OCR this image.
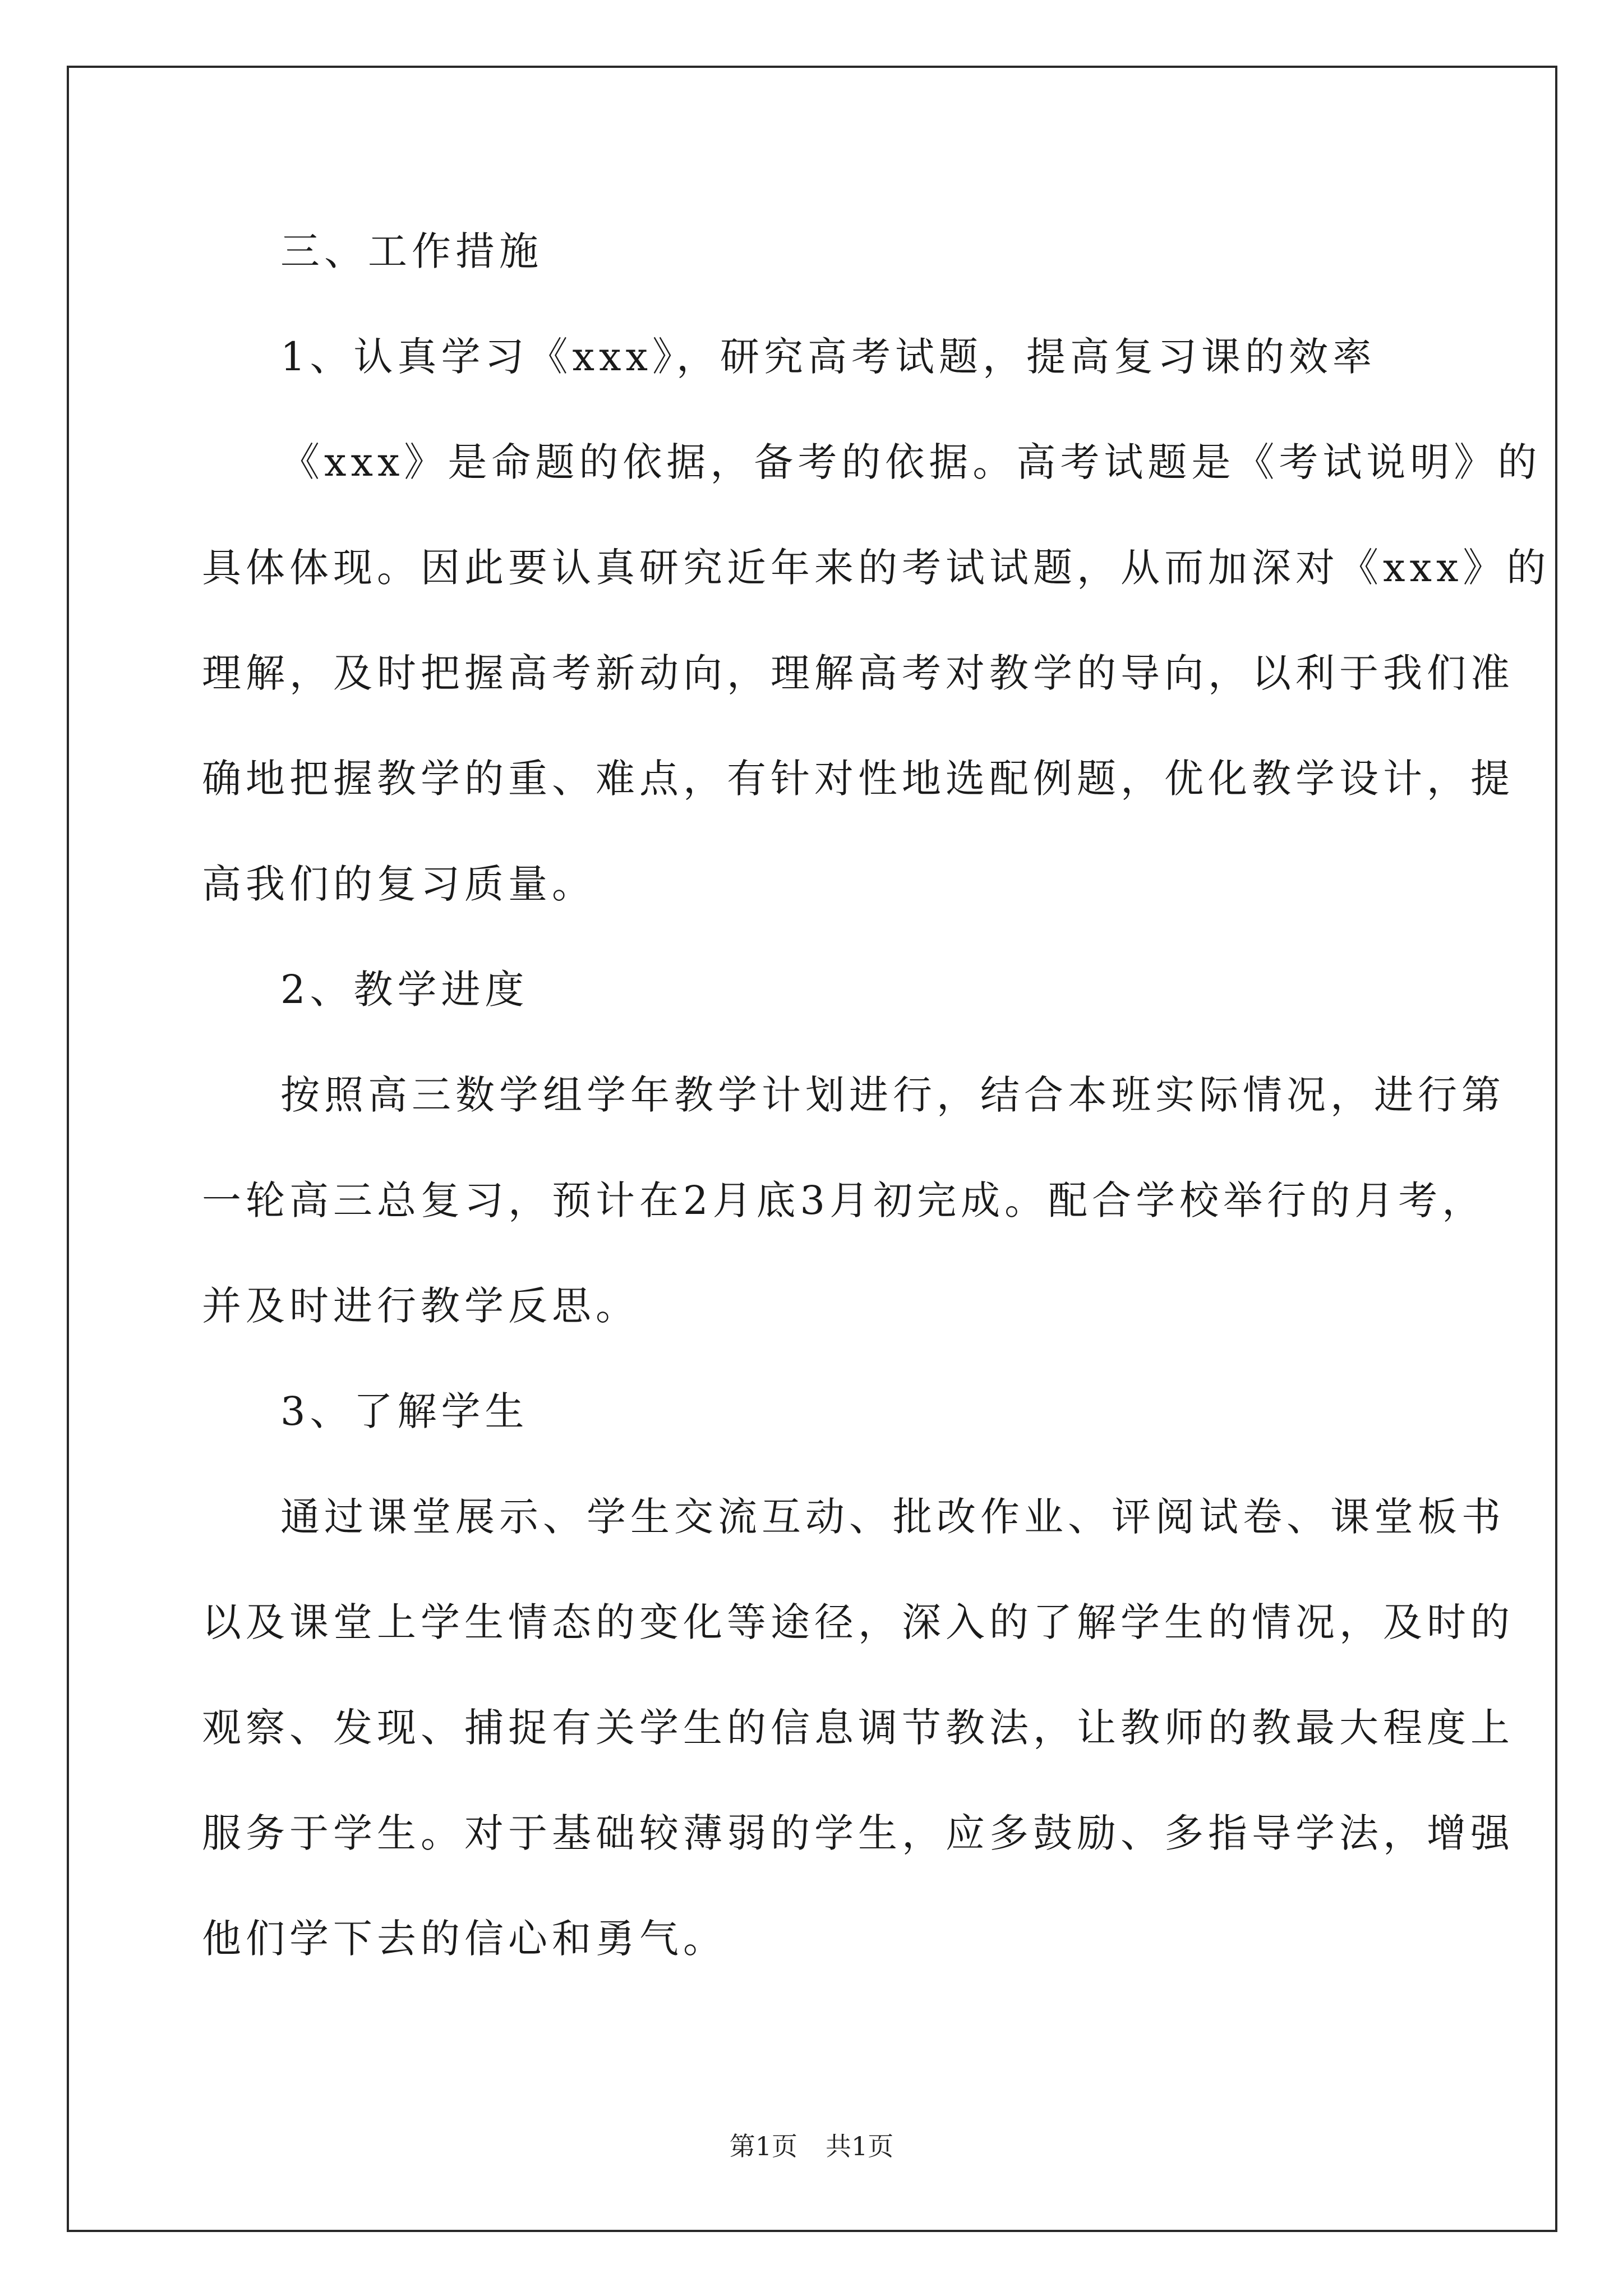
三、工作措施

1、认真学习《xxx》，研究高考试题，提高复习课的效率

《xxx》是命题的依据，备考的依据。高考试题是《考试说明》的

具体体现。因此要认真研究近年来的考试试题，从而加深对《xxx》的

理解，及时把握高考新动向，理解高考对教学的导向，以利于我们准

确地把握教学的重、难点，有针对性地选配例题，优化教学设计，提

高我们的复习质量。

2、教学进度

按照高三数学组学年教学计划进行，结合本班实际情况，进行第

一轮高三总复习，预计在2月底3月初完成。配合学校举行的月考，

并及时进行教学反思。

3、了解学生

通过课堂展示、学生交流互动、批改作业、评阅试卷、课堂板书

以及课堂上学生情态的变化等途径，深入的了解学生的情况，及时的

观察、发现、捕捉有关学生的信息调节教法，让教师的教最大程度上

服务于学生。对于基础较薄弱的学生，应多鼓励、多指导学法，增强

他们学下去的信心和勇气。

第1页 共1页
